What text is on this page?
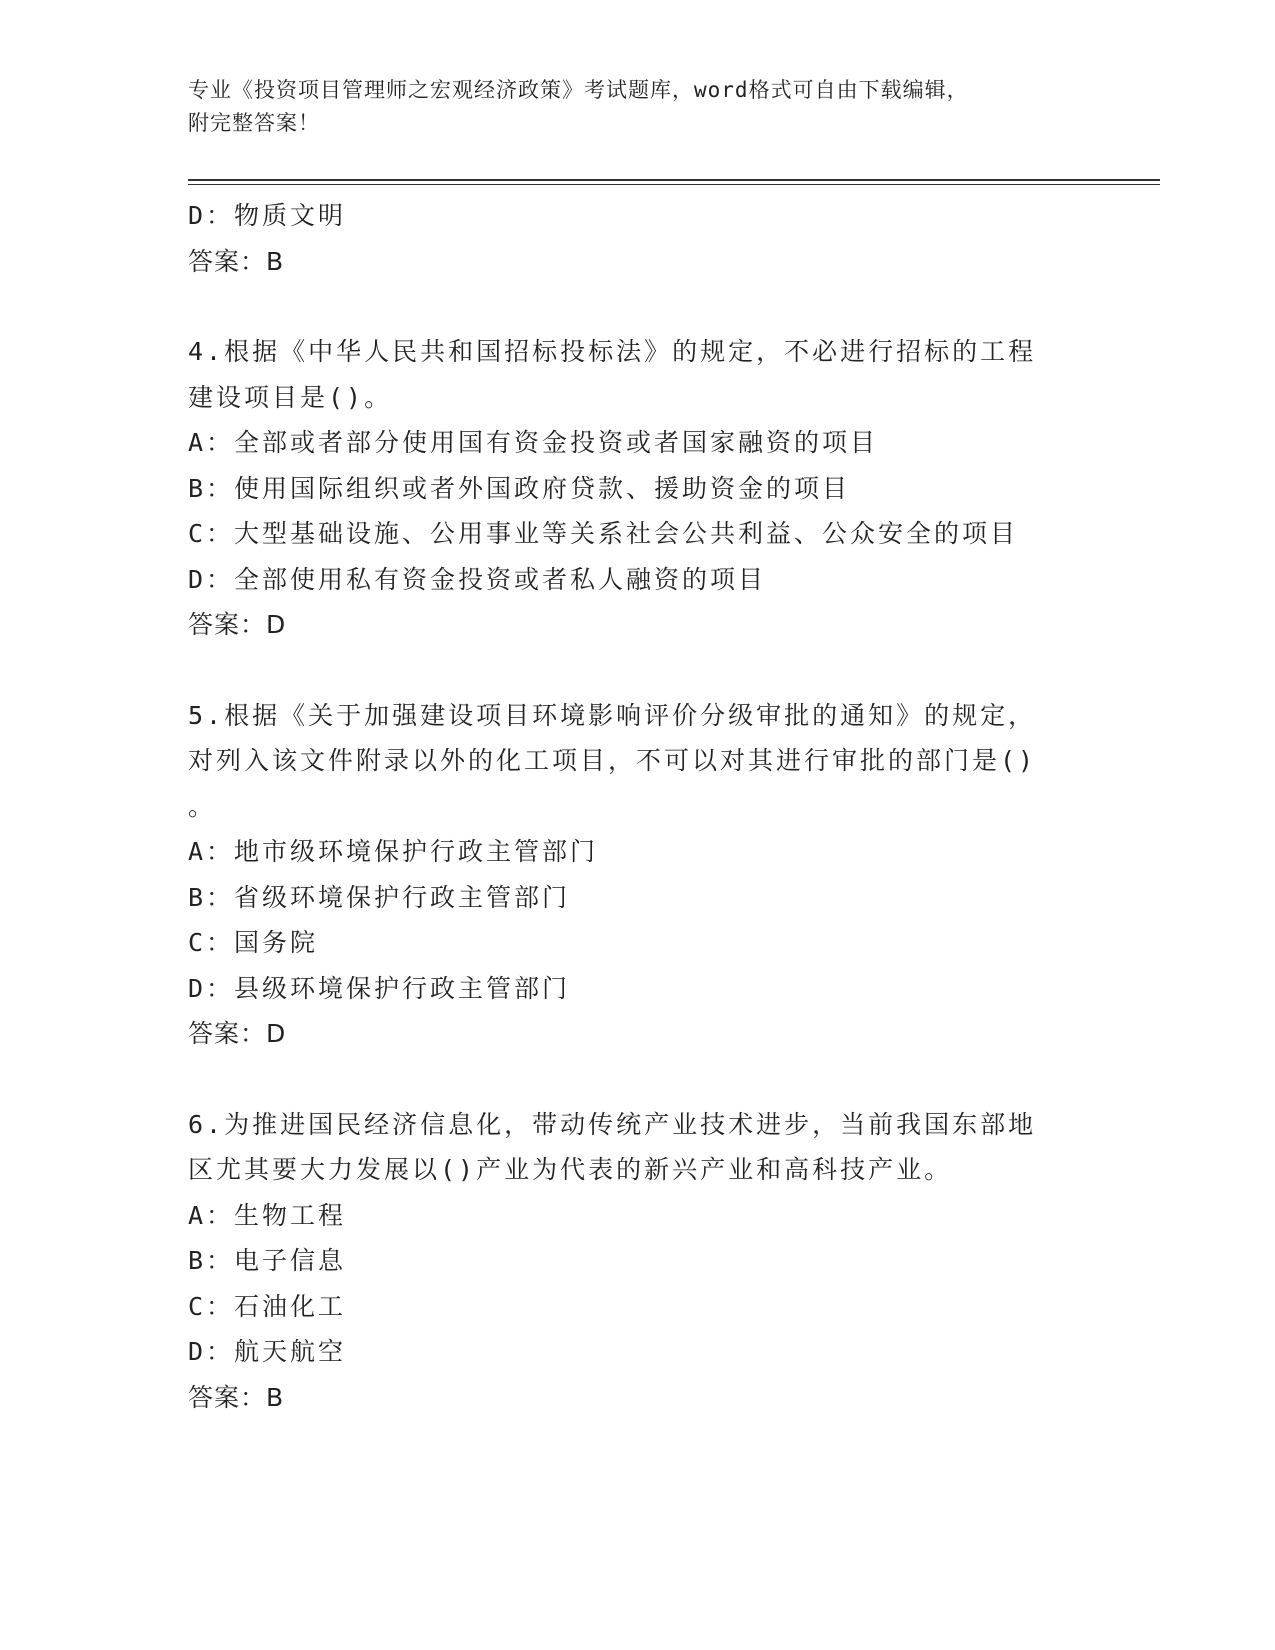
专业《投资项目管理师之宏观经济政策》考试题库，word格式可自由下载编辑，
附完整答案！
D：物质文明
答案：B
4.根据《中华人民共和国招标投标法》的规定，不必进行招标的工程
建设项目是()。
A：全部或者部分使用国有资金投资或者国家融资的项目
B：使用国际组织或者外国政府贷款、援助资金的项目
C：大型基础设施、公用事业等关系社会公共利益、公众安全的项目
D：全部使用私有资金投资或者私人融资的项目
答案：D
5.根据《关于加强建设项目环境影响评价分级审批的通知》的规定，
对列入该文件附录以外的化工项目，不可以对其进行审批的部门是()
。
A：地市级环境保护行政主管部门
B：省级环境保护行政主管部门
C：国务院
D：县级环境保护行政主管部门
答案：D
6.为推进国民经济信息化，带动传统产业技术进步，当前我国东部地
区尤其要大力发展以()产业为代表的新兴产业和高科技产业。
A：生物工程
B：电子信息
C：石油化工
D：航天航空
答案：B
